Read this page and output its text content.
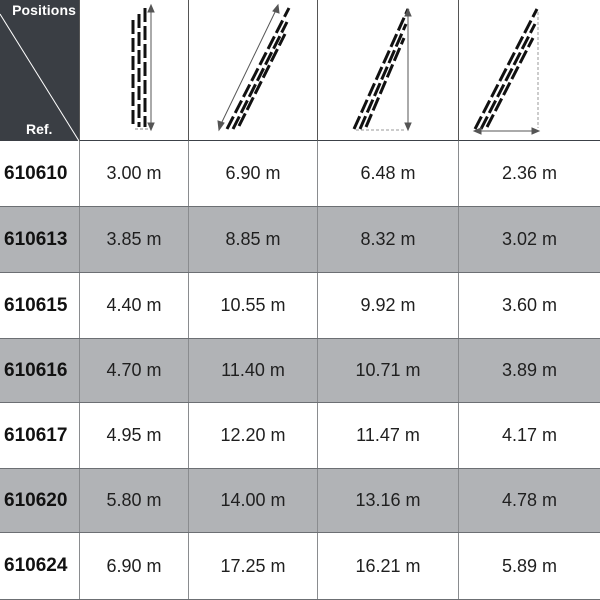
Positions
Ref.
610610	3.00 m	6.90 m	6.48 m	2.36 m
610613	3.85 m	8.85 m	8.32 m	3.02 m
610615	4.40 m	10.55 m	9.92 m	3.60 m
610616	4.70 m	11.40 m	10.71 m	3.89 m
610617	4.95 m	12.20 m	11.47 m	4.17 m
610620	5.80 m	14.00 m	13.16 m	4.78 m
610624	6.90 m	17.25 m	16.21 m	5.89 m
